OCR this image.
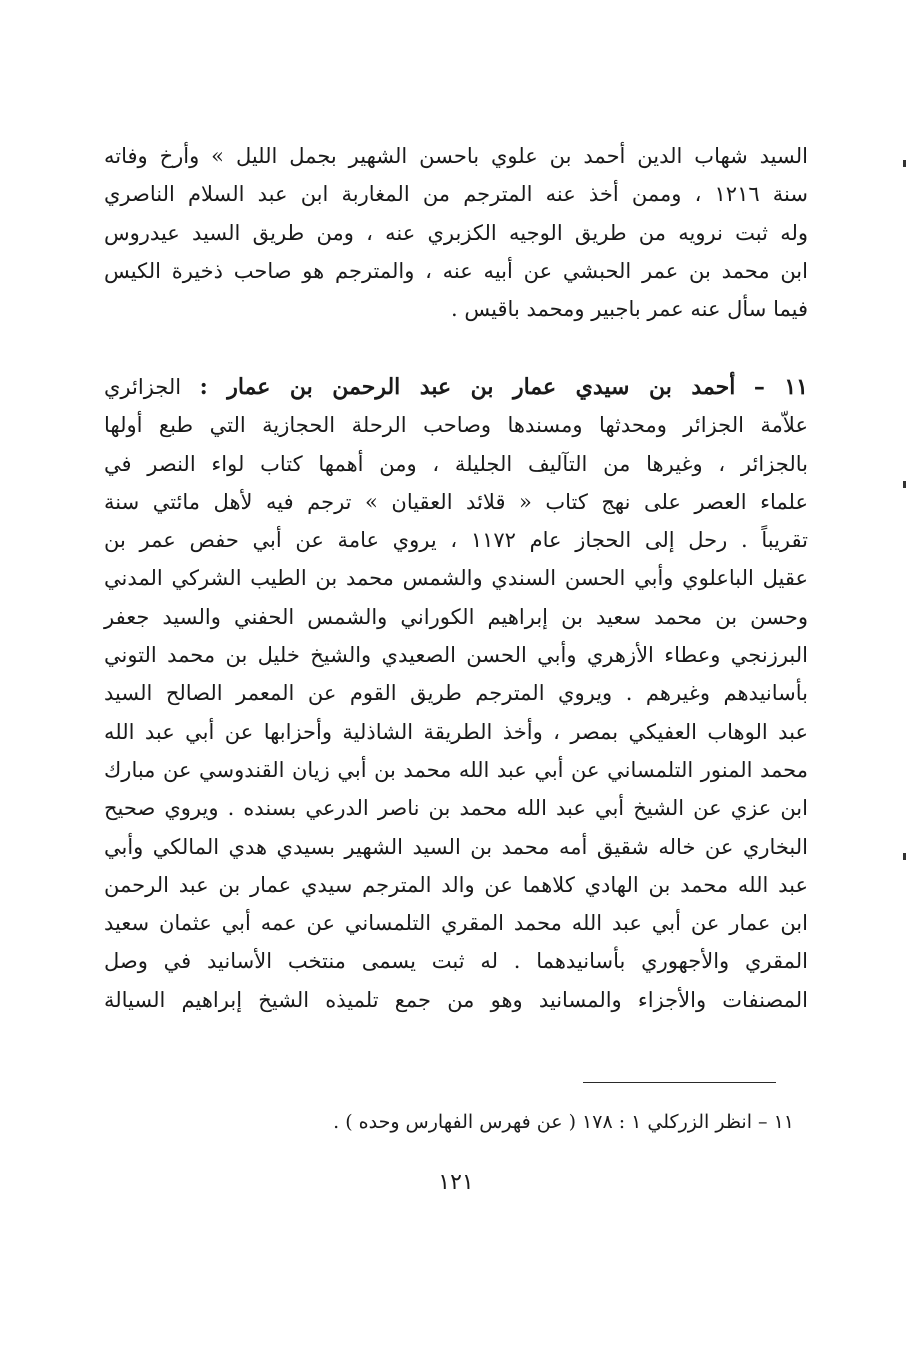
السيد شهاب الدين أحمد بن علوي باحسن الشهير بجمل الليل » وأرخ وفاته
سنة ١٢١٦ ، وممن أخذ عنه المترجم من المغاربة ابن عبد السلام الناصري
وله ثبت نرويه من طريق الوجيه الكزبري عنه ، ومن طريق السيد عيدروس
ابن محمد بن عمر الحبشي عن أبيه عنه ، والمترجم هو صاحب ذخيرة الكيس
فيما سأل عنه عمر باجبير ومحمد باقيس .
١١ – أحمد بن سيدي عمار بن عبد الرحمن بن عمار : الجزائري
علاّمة الجزائر ومحدثها ومسندها وصاحب الرحلة الحجازية التي طبع أولها
بالجزائر ، وغيرها من التآليف الجليلة ، ومن أهمها كتاب لواء النصر في
علماء العصر على نهج كتاب « قلائد العقيان » ترجم فيه لأهل مائتي سنة
تقريباً . رحل إلى الحجاز عام ١١٧٢ ، يروي عامة عن أبي حفص عمر بن
عقيل الباعلوي وأبي الحسن السندي والشمس محمد بن الطيب الشركي المدني
وحسن بن محمد سعيد بن إبراهيم الكوراني والشمس الحفني والسيد جعفر
البرزنجي وعطاء الأزهري وأبي الحسن الصعيدي والشيخ خليل بن محمد التوني
بأسانيدهم وغيرهم . ويروي المترجم طريق القوم عن المعمر الصالح السيد
عبد الوهاب العفيكي بمصر ، وأخذ الطريقة الشاذلية وأحزابها عن أبي عبد الله
محمد المنور التلمساني عن أبي عبد الله محمد بن أبي زيان القندوسي عن مبارك
ابن عزي عن الشيخ أبي عبد الله محمد بن ناصر الدرعي بسنده . ويروي صحيح
البخاري عن خاله شقيق أمه محمد بن السيد الشهير بسيدي هدي المالكي وأبي
عبد الله محمد بن الهادي كلاهما عن والد المترجم سيدي عمار بن عبد الرحمن
ابن عمار عن أبي عبد الله محمد المقري التلمساني عن عمه أبي عثمان سعيد
المقري والأجهوري بأسانيدهما . له ثبت يسمى منتخب الأسانيد في وصل
المصنفات والأجزاء والمسانيد وهو من جمع تلميذه الشيخ إبراهيم السيالة
١١ – انظر الزركلي ١ : ١٧٨ ( عن فهرس الفهارس وحده ) .
١٢١
